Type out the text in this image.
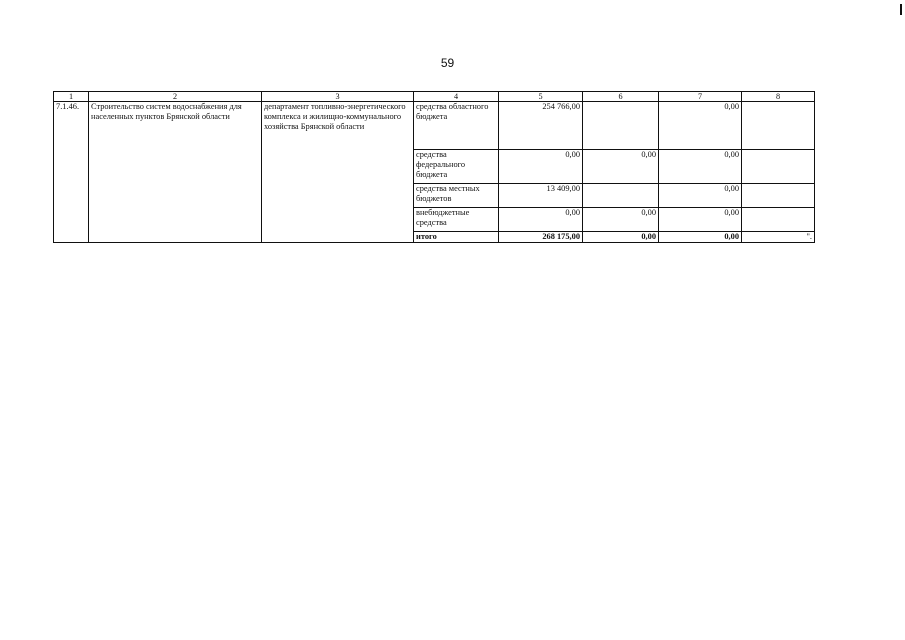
59
1	2	3	4	5	6	7	8
7.1.46.	Строительство систем водоснабжения для населенных пунктов Брянской области	департамент топливно-энергетического комплекса и жилищно-коммунального хозяйства Брянской области	средства областного бюджета	254 766,00		0,00	
			средства федерального бюджета	0,00	0,00	0,00	
			средства местных бюджетов	13 409,00		0,00	
			внебюджетные средства	0,00	0,00	0,00	
			итого	268 175,00	0,00	0,00	".
